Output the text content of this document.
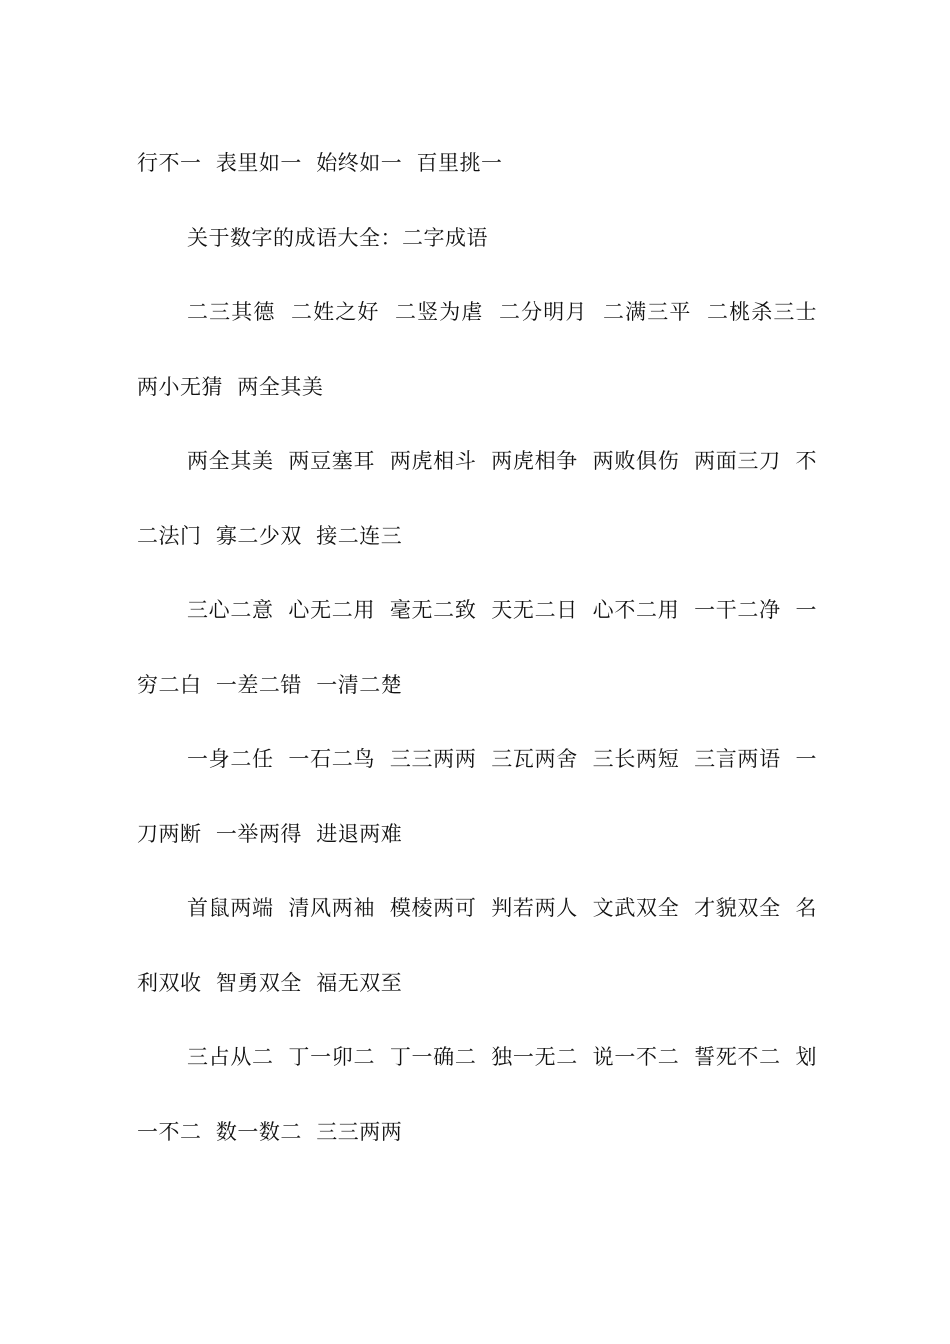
行不一  表里如一  始终如一  百里挑一

关于数字的成语大全：二字成语

二三其德  二姓之好  二竖为虐  二分明月  二满三平  二桃杀三士  两小无猜  两全其美

两全其美  两豆塞耳  两虎相斗  两虎相争  两败俱伤  两面三刀  不二法门  寡二少双  接二连三

三心二意  心无二用  毫无二致  天无二日  心不二用  一干二净  一穷二白  一差二错  一清二楚

一身二任  一石二鸟  三三两两  三瓦两舍  三长两短  三言两语  一刀两断  一举两得  进退两难

首鼠两端  清风两袖  模棱两可  判若两人  文武双全  才貌双全  名利双收  智勇双全  福无双至

三占从二  丁一卯二  丁一确二  独一无二  说一不二  誓死不二  划一不二  数一数二  三三两两
